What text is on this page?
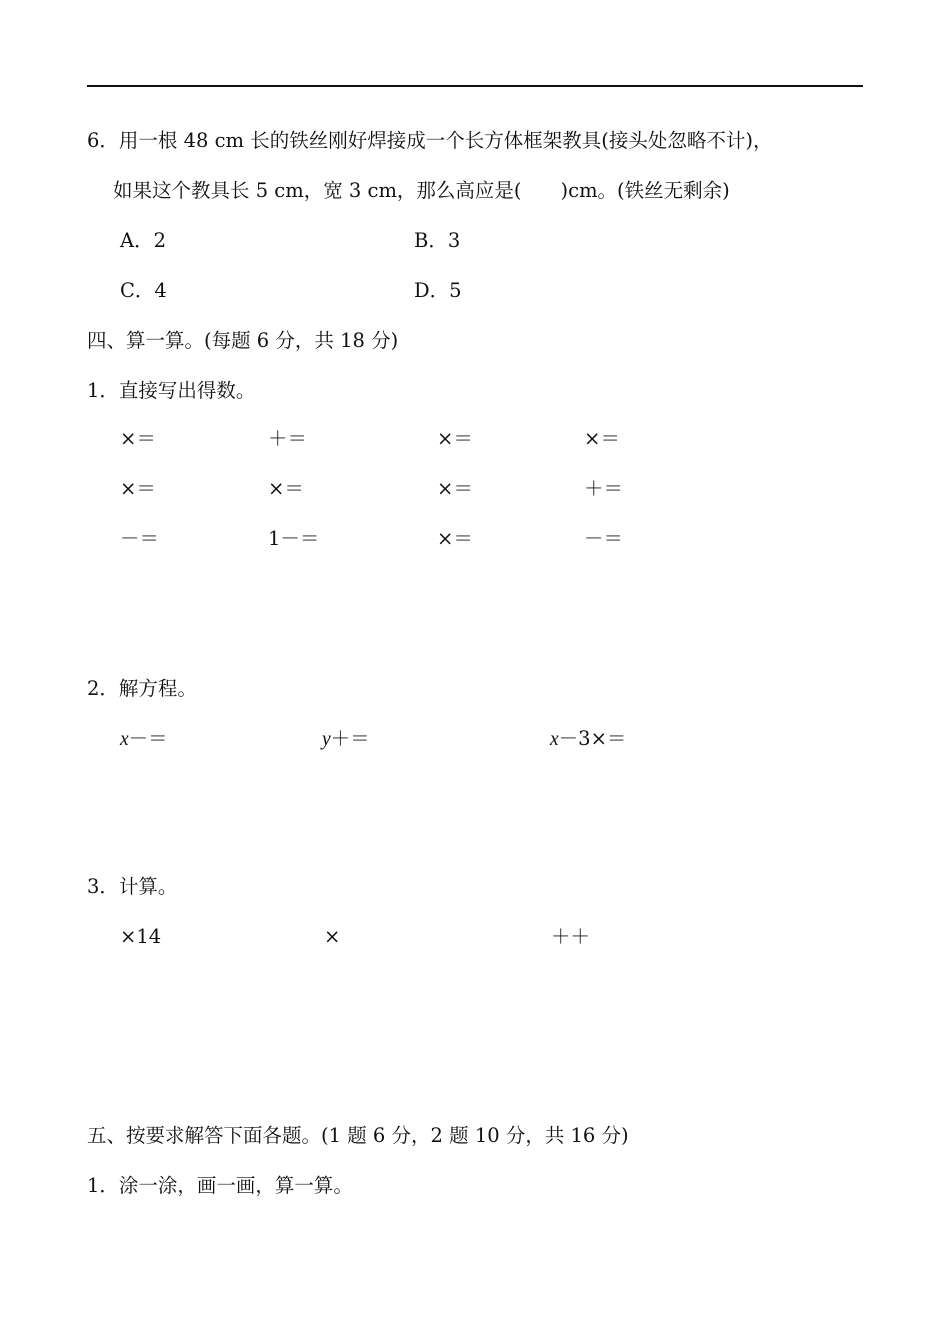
6．用一根 48 cm 长的铁丝刚好焊接成一个长方体框架教具(接头处忽略不计)，
如果这个教具长 5 cm，宽 3 cm，那么高应是(　　)cm。(铁丝无剩余)
A．2	B．3
C．4	D．5
四、算一算。(每题 6 分，共 18 分)
1．直接写出得数。
×＝	＋＝	×＝	×＝
×＝	×＝	×＝	＋＝
－＝	1－＝	×＝	－＝
2．解方程。
x－＝	y＋＝	x－3×＝
3．计算。
×14	×	＋＋
五、按要求解答下面各题。(1 题 6 分，2 题 10 分，共 16 分)
1．涂一涂，画一画，算一算。
